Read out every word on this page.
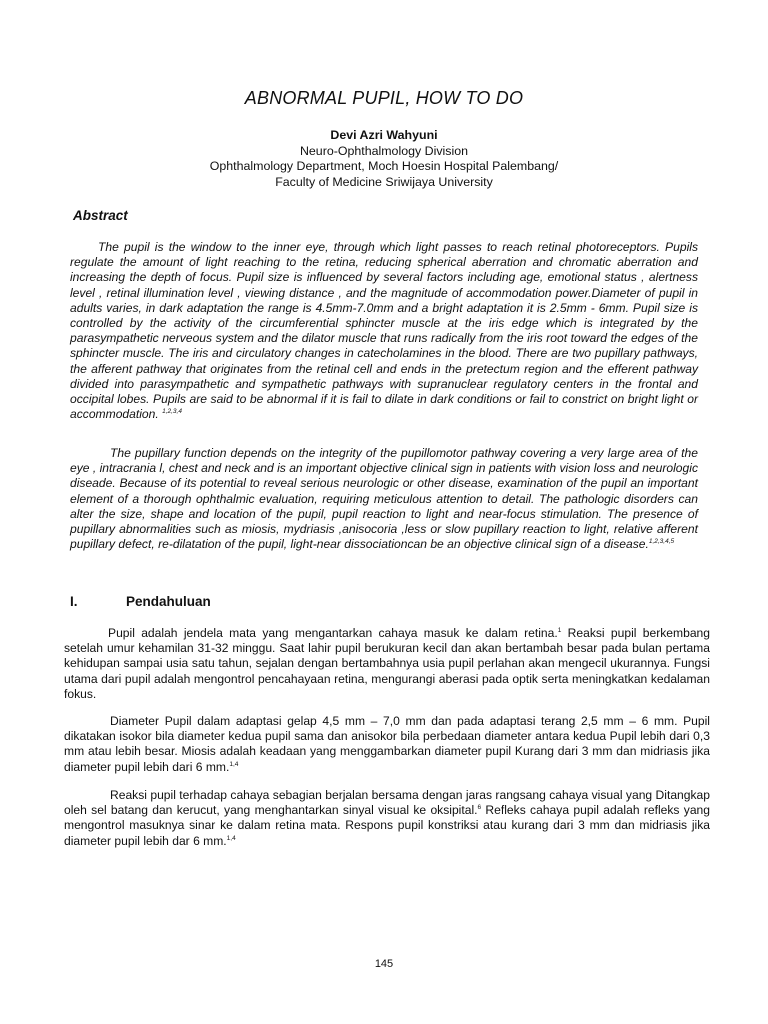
ABNORMAL PUPIL, HOW TO DO
Devi Azri Wahyuni
Neuro-Ophthalmology Division
Ophthalmology Department, Moch Hoesin Hospital Palembang/
Faculty of Medicine Sriwijaya University
Abstract

The pupil is the window to the inner eye, through which light passes to reach retinal photoreceptors. Pupils regulate the amount of light reaching to the retina, reducing spherical aberration and chromatic aberration and increasing the depth of focus. Pupil size is influenced by several factors including age, emotional status , alertness level , retinal illumination level , viewing distance , and the magnitude of accommodation power.Diameter of pupil in adults varies, in dark adaptation the range is 4.5mm-7.0mm and a bright adaptation it is 2.5mm - 6mm. Pupil size is controlled by the activity of the circumferential sphincter muscle at the iris edge which is integrated by the parasympathetic nerveous system and the dilator muscle that runs radically from the iris root toward the edges of the sphincter muscle. The iris and circulatory changes in catecholamines in the blood. There are two pupillary pathways, the afferent pathway that originates from the retinal cell and ends in the pretectum region and the efferent pathway divided into parasympathetic and sympathetic pathways with supranuclear regulatory centers in the frontal and occipital lobes. Pupils are said to be abnormal if it is fail to dilate in dark conditions or fail to constrict on bright light or accommodation. $^{1,2,3,4}$

The pupillary function depends on the integrity of the pupillomotor pathway covering a very large area of the eye , intracrania l, chest and neck and is an important objective clinical sign in patients with vision loss and neurologic diseade. Because of its potential to reveal serious neurologic or other disease, examination of the pupil an important element of a thorough ophthalmic evaluation, requiring meticulous attention to detail. The pathologic disorders can alter the size, shape and location of the pupil, pupil reaction to light and near-focus stimulation. The presence of pupillary abnormalities such as miosis, mydriasis ,anisocoria ,less or slow pupillary reaction to light, relative afferent pupillary defect, re-dilatation of the pupil, light-near dissociationcan be an objective clinical sign of a disease.$^{1,2,3,4,5}$

I.	Pendahuluan

Pupil adalah jendela mata yang mengantarkan cahaya masuk ke dalam retina.$^1$ Reaksi pupil berkembang setelah umur kehamilan 31-32 minggu. Saat lahir pupil berukuran kecil dan akan bertambah besar pada bulan pertama kehidupan sampai usia satu tahun, sejalan dengan bertambahnya usia pupil perlahan akan mengecil ukurannya. Fungsi utama dari pupil adalah mengontrol pencahayaan retina, mengurangi aberasi pada optik serta meningkatkan kedalaman fokus.

Diameter Pupil dalam adaptasi gelap 4,5 mm – 7,0 mm dan pada adaptasi terang 2,5 mm – 6 mm. Pupil dikatakan isokor bila diameter kedua pupil sama dan anisokor bila perbedaan diameter antara kedua Pupil lebih dari 0,3 mm atau lebih besar. Miosis adalah keadaan yang menggambarkan diameter pupil Kurang dari 3 mm dan midriasis jika diameter pupil lebih dari 6 mm.$^{1,4}$

Reaksi pupil terhadap cahaya sebagian berjalan bersama dengan jaras rangsang cahaya visual yang Ditangkap oleh sel batang dan kerucut, yang menghantarkan sinyal visual ke oksipital.$^6$ Refleks cahaya pupil adalah refleks yang mengontrol masuknya sinar ke dalam retina mata. Respons pupil konstriksi atau kurang dari 3 mm dan midriasis jika diameter pupil lebih dar 6 mm.$^{1,4}$

145
